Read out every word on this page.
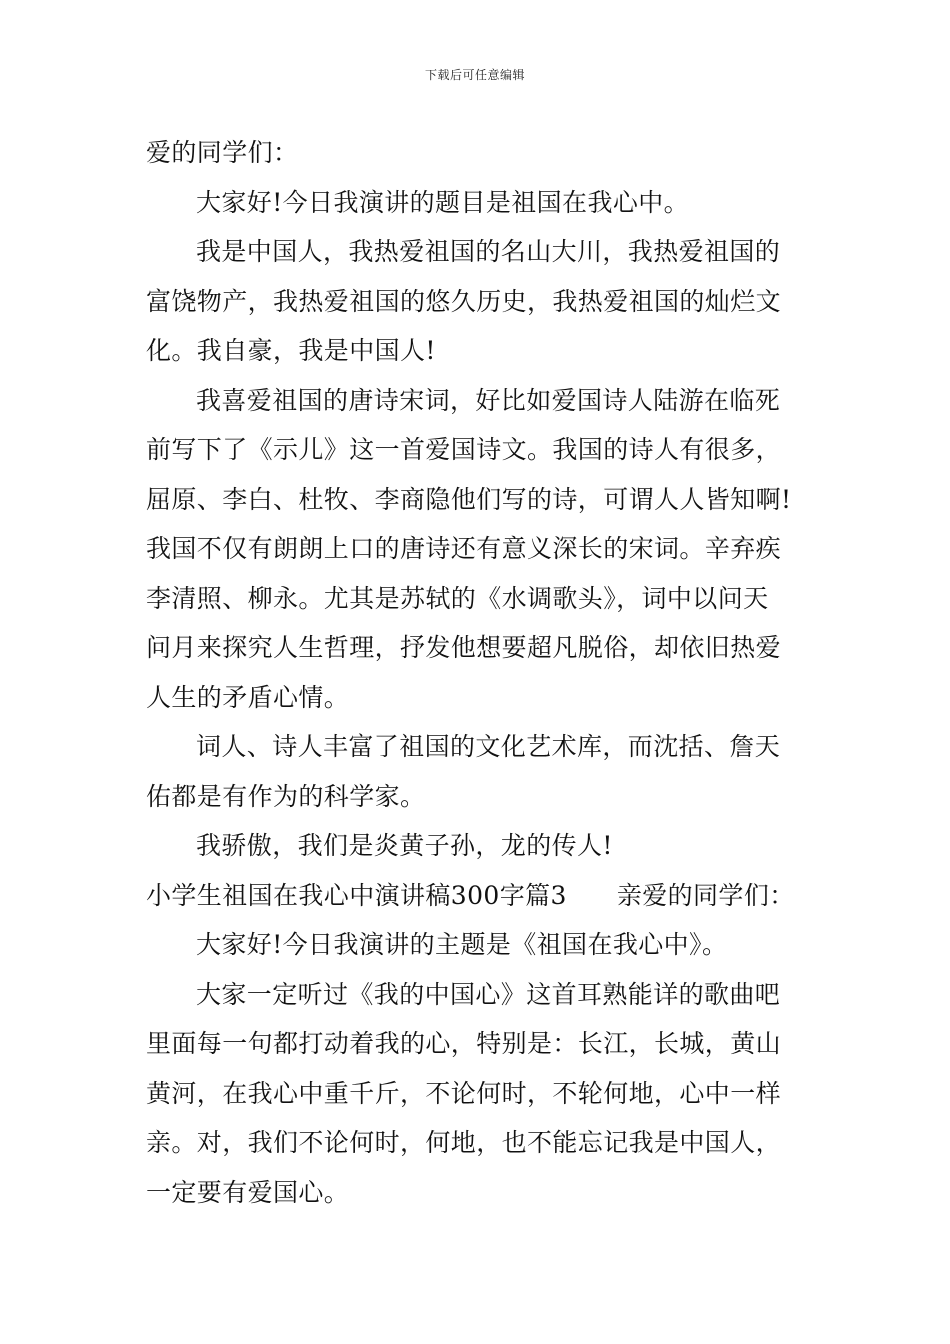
下载后可任意编辑
爱的同学们：
大家好!今日我演讲的题目是祖国在我心中。
我是中国人，我热爱祖国的名山大川，我热爱祖国的
富饶物产，我热爱祖国的悠久历史，我热爱祖国的灿烂文
化。我自豪，我是中国人!
我喜爱祖国的唐诗宋词，好比如爱国诗人陆游在临死
前写下了《示儿》这一首爱国诗文。我国的诗人有很多，
屈原、李白、杜牧、李商隐他们写的诗，可谓人人皆知啊!
我国不仅有朗朗上口的唐诗还有意义深长的宋词。辛弃疾
李清照、柳永。尤其是苏轼的《水调歌头》，词中以问天
问月来探究人生哲理，抒发他想要超凡脱俗，却依旧热爱
人生的矛盾心情。
词人、诗人丰富了祖国的文化艺术库，而沈括、詹天
佑都是有作为的科学家。
我骄傲，我们是炎黄子孙，龙的传人!
小学生祖国在我心中演讲稿300字篇3 亲爱的同学们：
大家好!今日我演讲的主题是《祖国在我心中》。
大家一定听过《我的中国心》这首耳熟能详的歌曲吧
里面每一句都打动着我的心，特别是：长江，长城，黄山
黄河，在我心中重千斤，不论何时，不轮何地，心中一样
亲。对，我们不论何时，何地，也不能忘记我是中国人，
一定要有爱国心。
